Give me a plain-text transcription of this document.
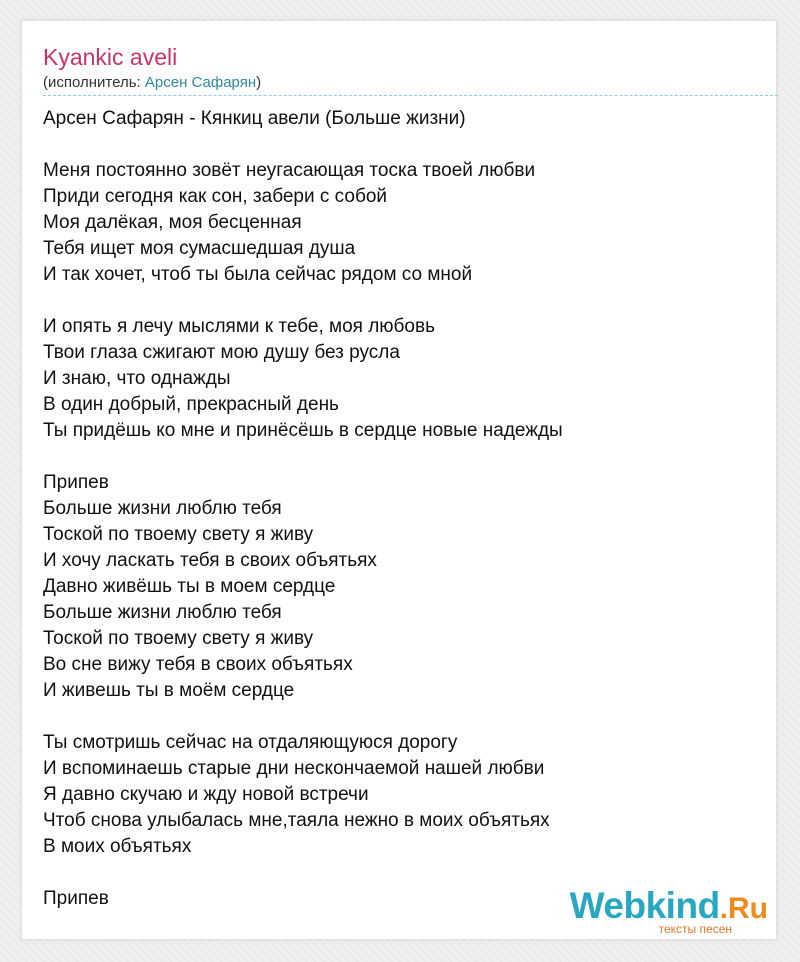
Kyankic aveli
(исполнитель: Арсен Сафарян)
Арсен Сафарян - Кянкиц авели (Больше жизни)
Меня постоянно зовёт неугасающая тоска твоей любви
Приди сегодня как сон, забери с собой
Моя далёкая, моя бесценная
Тебя ищет моя сумасшедшая душа
И так хочет, чтоб ты была сейчас рядом со мной
И опять я лечу мыслями к тебе, моя любовь
Твои глаза сжигают мою душу без русла
И знаю, что однажды
В один добрый, прекрасный день
Ты придёшь ко мне и принёсёшь в сердце новые надежды
Припев
Больше жизни люблю тебя
Тоской по твоему свету я живу
И хочу ласкать тебя в своих объятьях
Давно живёшь ты в моем сердце
Больше жизни люблю тебя
Тоской по твоему свету я живу
Во сне вижу тебя в своих объятьях
И живешь ты в моём сердце
Ты смотришь сейчас на отдаляющуюся дорогу
И вспоминаешь старые дни нескончаемой нашей любви
Я давно скучаю и жду новой встречи
Чтоб снова улыбалась мне,таяла нежно в моих объятьях
В моих объятьях
Припев	Webkind.Ru
тексты песен
